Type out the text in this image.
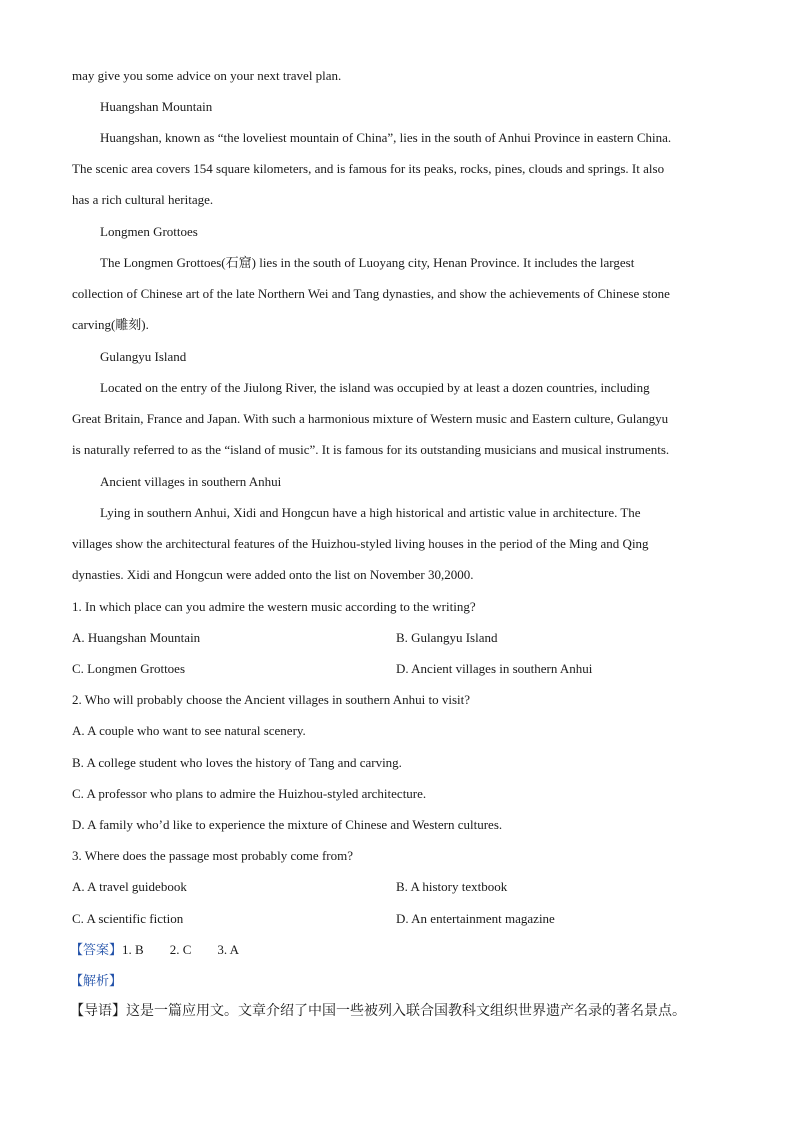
may give you some advice on your next travel plan.
Huangshan Mountain
Huangshan, known as “the loveliest mountain of China”, lies in the south of Anhui Province in eastern China.
The scenic area covers 154 square kilometers, and is famous for its peaks, rocks, pines, clouds and springs. It also
has a rich cultural heritage.
Longmen Grottoes
The Longmen Grottoes(石窟) lies in the south of Luoyang city, Henan Province. It includes the largest
collection of Chinese art of the late Northern Wei and Tang dynasties, and show the achievements of Chinese stone
carving(雕刻).
Gulangyu Island
Located on the entry of the Jiulong River, the island was occupied by at least a dozen countries, including
Great Britain, France and Japan. With such a harmonious mixture of Western music and Eastern culture, Gulangyu
is naturally referred to as the “island of music”. It is famous for its outstanding musicians and musical instruments.
Ancient villages in southern Anhui
Lying in southern Anhui, Xidi and Hongcun have a high historical and artistic value in architecture. The
villages show the architectural features of the Huizhou-styled living houses in the period of the Ming and Qing
dynasties. Xidi and Hongcun were added onto the list on November 30,2000.
1. In which place can you admire the western music according to the writing?
A. Huangshan Mountain	B. Gulangyu Island
C. Longmen Grottoes	D. Ancient villages in southern Anhui
2. Who will probably choose the Ancient villages in southern Anhui to visit?
A. A couple who want to see natural scenery.
B. A college student who loves the history of Tang and carving.
C. A professor who plans to admire the Huizhou-styled architecture.
D. A family who’d like to experience the mixture of Chinese and Western cultures.
3. Where does the passage most probably come from?
A. A travel guidebook	B. A history textbook
C. A scientific fiction	D. An entertainment magazine
【答案】1. B 2. C 3. A
【解析】
【导语】这是一篇应用文。文章介绍了中国一些被列入联合国教科文组织世界遗产名录的著名景点。
